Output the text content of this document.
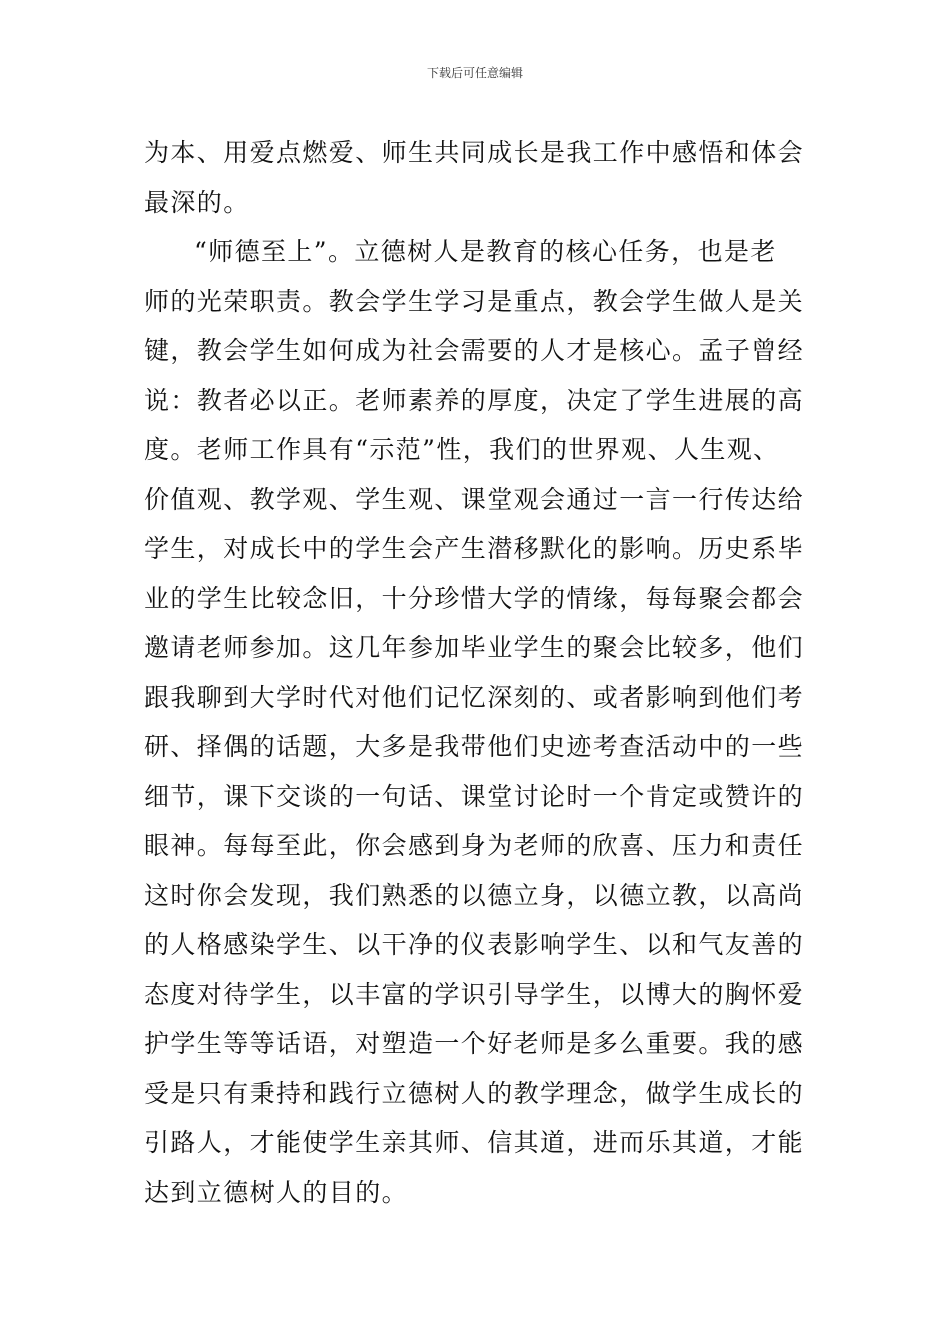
下载后可任意编辑
为本、用爱点燃爱、师生共同成长是我工作中感悟和体会
最深的。
“师德至上”。立德树人是教育的核心任务，也是老
师的光荣职责。教会学生学习是重点，教会学生做人是关
键，教会学生如何成为社会需要的人才是核心。孟子曾经
说：教者必以正。老师素养的厚度，决定了学生进展的高
度。老师工作具有“示范”性，我们的世界观、人生观、
价值观、教学观、学生观、课堂观会通过一言一行传达给
学生，对成长中的学生会产生潜移默化的影响。历史系毕
业的学生比较念旧，十分珍惜大学的情缘，每每聚会都会
邀请老师参加。这几年参加毕业学生的聚会比较多，他们
跟我聊到大学时代对他们记忆深刻的、或者影响到他们考
研、择偶的话题，大多是我带他们史迹考查活动中的一些
细节，课下交谈的一句话、课堂讨论时一个肯定或赞许的
眼神。每每至此，你会感到身为老师的欣喜、压力和责任
这时你会发现，我们熟悉的以德立身，以德立教，以高尚
的人格感染学生、以干净的仪表影响学生、以和气友善的
态度对待学生，以丰富的学识引导学生，以博大的胸怀爱
护学生等等话语，对塑造一个好老师是多么重要。我的感
受是只有秉持和践行立德树人的教学理念，做学生成长的
引路人，才能使学生亲其师、信其道，进而乐其道，才能
达到立德树人的目的。
